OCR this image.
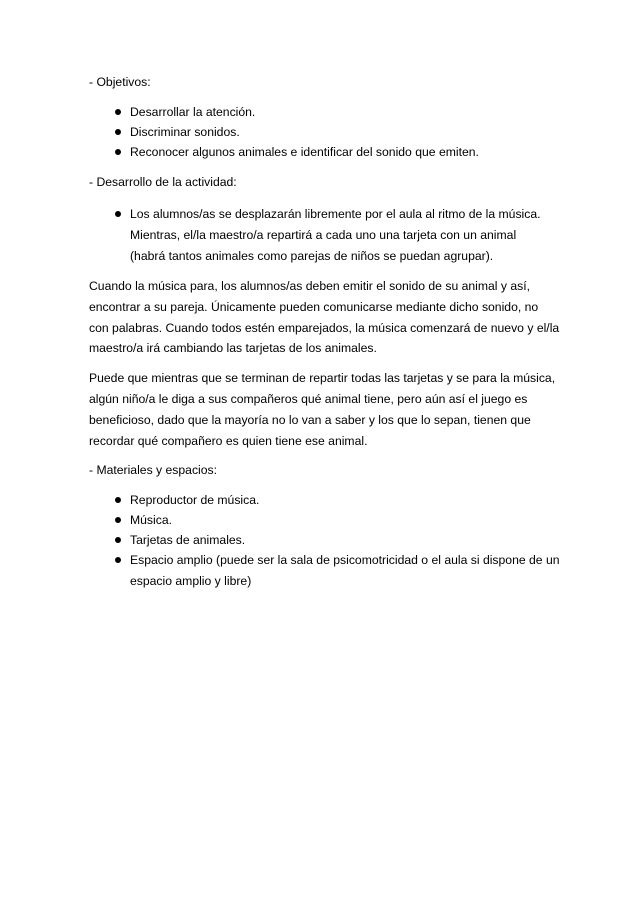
- Objetivos:
Desarrollar la atención.
Discriminar sonidos.
Reconocer algunos animales e identificar del sonido que emiten.
- Desarrollo de la actividad:
Los alumnos/as se desplazarán libremente por el aula al ritmo de la música.
Mientras, el/la maestro/a repartirá a cada uno una tarjeta con un animal
(habrá tantos animales como parejas de niños se puedan agrupar).
Cuando la música para, los alumnos/as deben emitir el sonido de su animal y así,
encontrar a su pareja. Únicamente pueden comunicarse mediante dicho sonido, no
con palabras. Cuando todos estén emparejados, la música comenzará de nuevo y el/la
maestro/a irá cambiando las tarjetas de los animales.
Puede que mientras que se terminan de repartir todas las tarjetas y se para la música,
algún niño/a le diga a sus compañeros qué animal tiene, pero aún así el juego es
beneficioso, dado que la mayoría no lo van a saber y los que lo sepan, tienen que
recordar qué compañero es quien tiene ese animal.
- Materiales y espacios:
Reproductor de música.
Música.
Tarjetas de animales.
Espacio amplio (puede ser la sala de psicomotricidad o el aula si dispone de un
espacio amplio y libre)
